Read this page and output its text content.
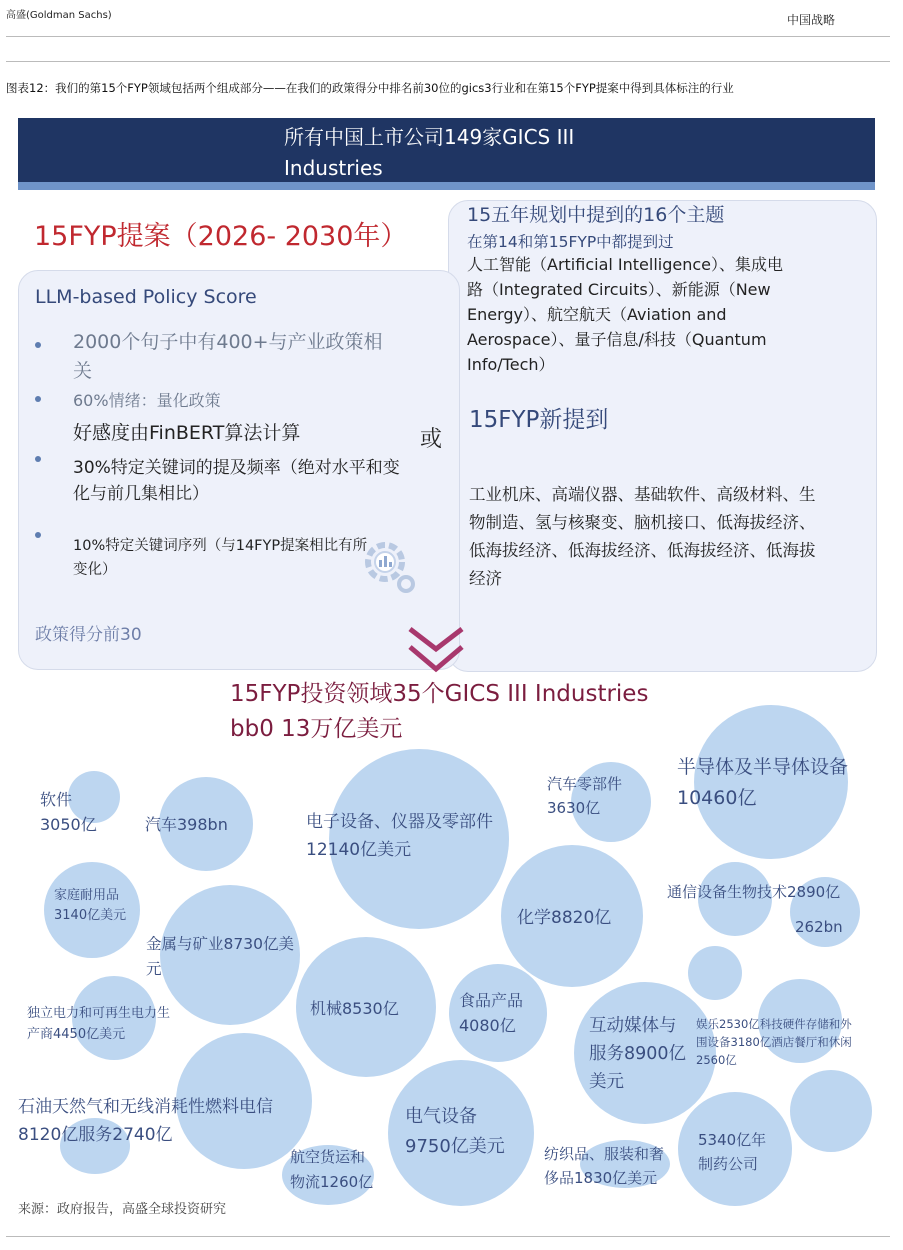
高盛(Goldman Sachs)	中国战略
图表12：我们的第15个FYP领域包括两个组成部分——在我们的政策得分中排名前30位的gics3行业和在第15个FYP提案中得到具体标注的行业
所有中国上市公司149家GICS III
Industries
15FYP提案（2026- 2030年）
LLM-based Policy Score
2000个句子中有400+与产业政策相关
60%情绪：量化政策
好感度由FinBERT算法计算
30%特定关键词的提及频率（绝对水平和变化与前几集相比）
10%特定关键词序列（与14FYP提案相比有所变化）
政策得分前30
或
15五年规划中提到的16个主题
在第14和第15FYP中都提到过
人工智能（Artificial Intelligence）、集成电路（Integrated Circuits）、新能源（New Energy）、航空航天（Aviation and Aerospace）、量子信息/科技（Quantum Info/Tech）
15FYP新提到
工业机床、高端仪器、基础软件、高级材料、生物制造、氢与核聚变、脑机接口、低海拔经济、低海拔经济、低海拔经济、低海拔经济、低海拔经济
15FYP投资领域35个GICS III Industries
bb0 13万亿美元
软件
3050亿	汽车398bn	电子设备、仪器及零部件
12140亿美元
汽车零部件
3630亿
半导体及半导体设备
10460亿
家庭耐用品
3140亿美元
金属与矿业8730亿美
元
化学8820亿
通信设备生物技术2890亿
262bn
独立电力和可再生电力生
产商4450亿美元
机械8530亿	食品产品
4080亿	互动媒体与
服务8900亿
美元
娱乐2530亿科技硬件存储和外
围设备3180亿酒店餐厅和休闲
2560亿
石油天然气和无线消耗性燃料电信
8120亿服务2740亿
航空货运和
物流1260亿
电气设备
9750亿美元	纺织品、服装和奢
侈品1830亿美元
5340亿年
制药公司
来源：政府报告，高盛全球投资研究
